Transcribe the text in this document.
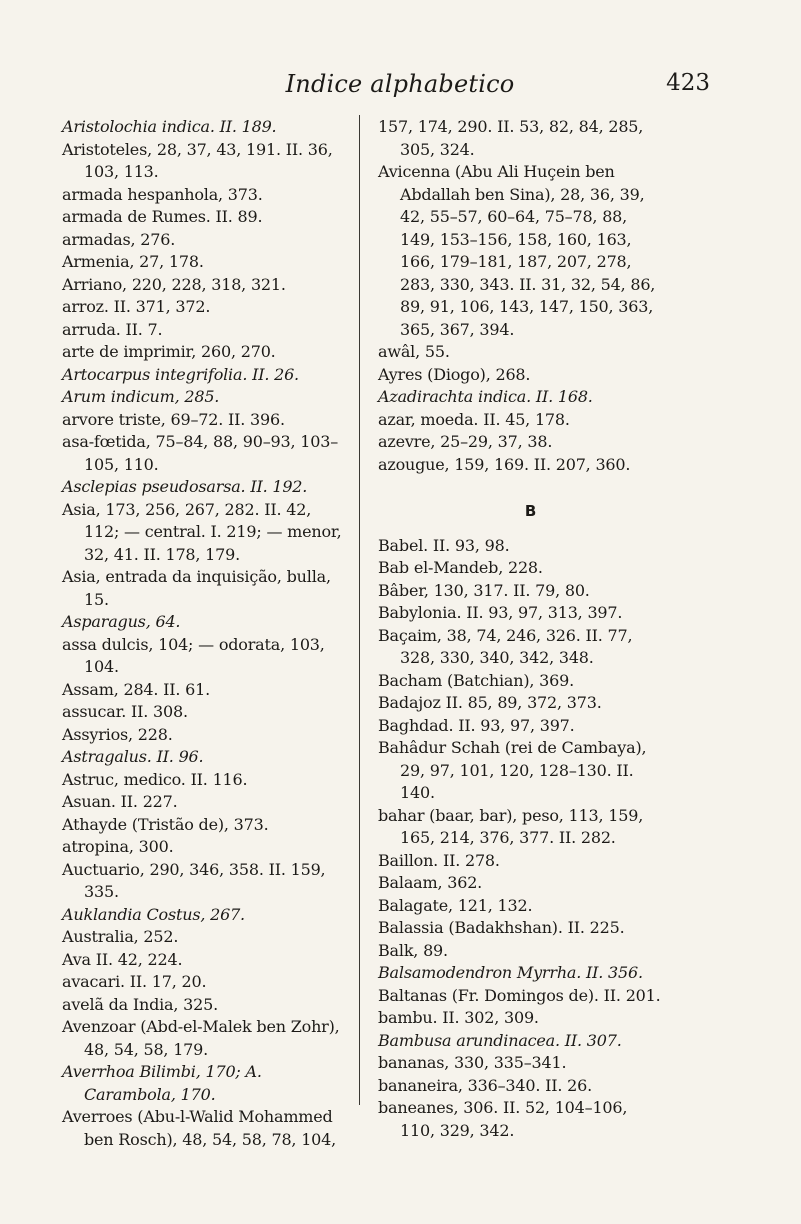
Indice alphabetico	423

Aristolochia indica. II. 189.

Aristoteles, 28, 37, 43, 191. II. 36, 103, 113.

armada hespanhola, 373.

armada de Rumes. II. 89.

armadas, 276.

Armenia, 27, 178.

Arriano, 220, 228, 318, 321.

arroz. II. 371, 372.

arruda. II. 7.

arte de imprimir, 260, 270.

Artocarpus integrifolia. II. 26.

Arum indicum, 285.

arvore triste, 69–72. II. 396.

asa-fœtida, 75–84, 88, 90–93, 103–105, 110.

Asclepias pseudosarsa. II. 192.

Asia, 173, 256, 267, 282. II. 42, 112; — central. I. 219; — menor, 32, 41. II. 178, 179.

Asia, entrada da inquisição, bulla, 15.

Asparagus, 64.

assa dulcis, 104; — odorata, 103, 104.

Assam, 284. II. 61.

assucar. II. 308.

Assyrios, 228.

Astragalus. II. 96.

Astruc, medico. II. 116.

Asuan. II. 227.

Athayde (Tristão de), 373.

atropina, 300.

Auctuario, 290, 346, 358. II. 159, 335.

Auklandia Costus, 267.

Australia, 252.

Ava II. 42, 224.

avacari. II. 17, 20.

avelã da India, 325.

Avenzoar (Abd-el-Malek ben Zohr), 48, 54, 58, 179.

Averrhoa Bilimbi, 170; A. Carambola, 170.

Averroes (Abu-l-Walid Mohammed ben Rosch), 48, 54, 58, 78, 104,

157, 174, 290. II. 53, 82, 84, 285, 305, 324.

Avicenna (Abu Ali Huçein ben Abdallah ben Sina), 28, 36, 39, 42, 55–57, 60–64, 75–78, 88, 149, 153–156, 158, 160, 163, 166, 179–181, 187, 207, 278, 283, 330, 343. II. 31, 32, 54, 86, 89, 91, 106, 143, 147, 150, 363, 365, 367, 394.

awâl, 55.

Ayres (Diogo), 268.

Azadirachta indica. II. 168.

azar, moeda. II. 45, 178.

azevre, 25–29, 37, 38.

azougue, 159, 169. II. 207, 360.

B

Babel. II. 93, 98.

Bab el-Mandeb, 228.

Bâber, 130, 317. II. 79, 80.

Babylonia. II. 93, 97, 313, 397.

Baçaim, 38, 74, 246, 326. II. 77, 328, 330, 340, 342, 348.

Bacham (Batchian), 369.

Badajoz II. 85, 89, 372, 373.

Baghdad. II. 93, 97, 397.

Bahâdur Schah (rei de Cambaya), 29, 97, 101, 120, 128–130. II. 140.

bahar (baar, bar), peso, 113, 159, 165, 214, 376, 377. II. 282.

Baillon. II. 278.

Balaam, 362.

Balagate, 121, 132.

Balassia (Badakhshan). II. 225.

Balk, 89.

Balsamodendron Myrrha. II. 356.

Baltanas (Fr. Domingos de). II. 201.

bambu. II. 302, 309.

Bambusa arundinacea. II. 307.

bananas, 330, 335–341.

bananeira, 336–340. II. 26.

baneanes, 306. II. 52, 104–106, 110, 329, 342.
